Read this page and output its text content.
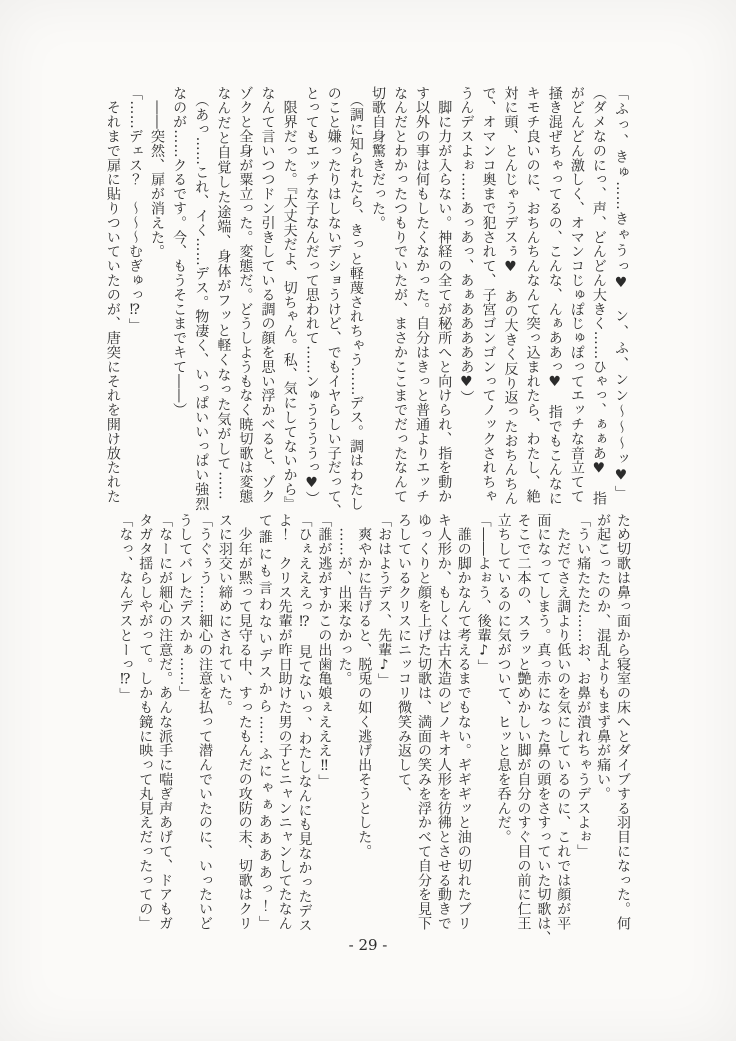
「ふっ、きゅ……きゃうっ♥　ン、ふ、ンン～～～ッ♥」
（ダメなのにっ、声、どんどん大きく……ひゃっ、ぁぁあ♥　指
がどんどん激しく、オマンコじゅぽじゅぽってエッチな音立てて
掻き混ぜちゃってるの、こんな、んぁああっ♥　指でもこんなに
キモチ良いのに、おちんちんなんて突っ込まれたら、わたし、絶
対に頭、とんじゃうデスぅ♥　あの大きく反り返ったおちんちん
で、オマンコ奥まで犯されて、子宮ゴンゴンってノックされちゃ
うんデスよぉ……あっあっ、あぁあああああ♥）
　脚に力が入らない。神経の全てが秘所へと向けられ、指を動か
す以外の事は何もしたくなかった。自分はきっと普通よりエッチ
なんだとわかったつもりでいたが、まさかここまでだったなんて
切歌自身驚きだった。
　（調に知られたら、きっと軽蔑されちゃう……デス。調はわたし
のこと嫌ったりはしないデショうけど、でもイヤらしい子だって、
とってもエッチな子なんだって思われて……ンゅううううっ♥）
　限界だった。『大丈夫だよ、切ちゃん。私、気にしてないから』
なんて言いつつドン引きしている調の顔を思い浮かべると、ゾク
ゾクと全身が粟立った。変態だ。どうしようもなく暁切歌は変態
なんだと自覚した途端、身体がフッと軽くなった気がして……
　（あっ……これ、イく……デス。物凄く、いっぱいいっぱい強烈
なのが……クるです。今、もうそこまでキて――）
　――突然、扉が消えた。
「……デェス？　～～～むぎゅっ⁉」
　それまで扉に貼りついていたのが、唐突にそれを開け放たれた
ため切歌は鼻っ面から寝室の床へとダイブする羽目になった。何
が起こったのか、混乱よりもまず鼻が痛い。
「うい痛たたた……お、お鼻が潰れちゃうデスよぉ」
　ただでさえ調より低いのを気にしているのに、これでは顔が平
面になってしまう。真っ赤になった鼻の頭をさすっていた切歌は、
そこで二本の、スラッと艶めかしい脚が自分のすぐ目の前に仁王
立ちしているのに気がついて、ヒッと息を呑んだ。
「――よぉう、後輩♪」
　誰の脚かなんて考えるまでもない。ギギギッと油の切れたブリ
キ人形か、もしくは古木造のピノキオ人形を彷彿とさせる動きで
ゆっくりと顔を上げた切歌は、満面の笑みを浮かべて自分を見下
ろしているクリスにニッコリ微笑み返して、
「おはようデス、先輩♪」
　爽やかに告げると、脱兎の如く逃げ出そうとした。
　……が、出来なかった。
「誰が逃がすかこの出歯亀娘ぇえええ‼」
「ひぇえええっ⁉　見てないっ、わたしなんにも見なかったデス
よ！　クリス先輩が昨日助けた男の子とニャンニャンしてたなん
て誰にも言わないデスから……ふにゃぁああああっ！」
　少年が黙って見守る中、すったもんだの攻防の末、切歌はクリ
スに羽交い締めにされていた。
「うぐぅう……細心の注意を払って潜んでいたのに、いったいど
うしてバレたデスかぁ……」
「なーにが細心の注意だ。あんな派手に喘ぎ声あげて、ドアもガ
タガタ揺らしやがって。しかも鏡に映って丸見えだったっての」
「なっ、なんデスとーっ⁉」
- 29 -
